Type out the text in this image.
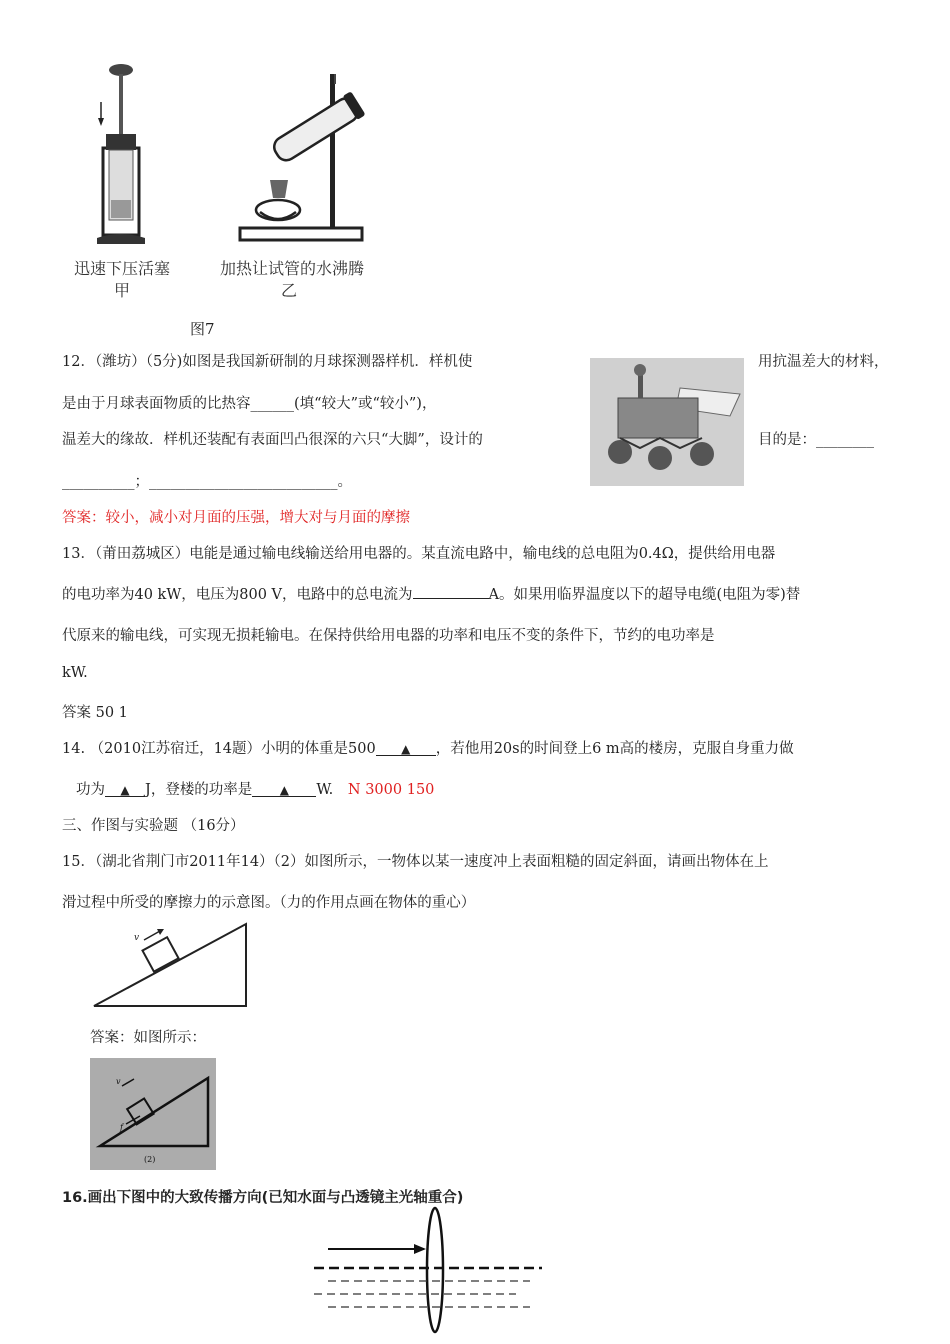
迅速下压活塞
甲
加热让试管的水沸腾
乙
图7
12．（潍坊）（5分)如图是我国新研制的月球探测器样机．样机使	用抗温差大的材料，
是由于月球表面物质的比热容______(填“较大”或“较小”)，
温差大的缘故．样机还装配有表面凹凸很深的六只“大脚”，设计的	目的是：________
__________；__________________________。
答案：较小，减小对月面的压强，增大对与月面的摩擦
13．（莆田荔城区）电能是通过输电线输送给用电器的。某直流电路中，输电线的总电阻为0.4Ω，提供给用电器
的电功率为40 kW，电压为800 V，电路中的总电流为	A。如果用临界温度以下的超导电缆(电阻为零)替
代原来的输电线，可实现无损耗输电。在保持供给用电器的功率和电压不变的条件下，节约的电功率是
kW.
答案 50 1
14. （2010江苏宿迁，14题）小明的体重是500 ▲ ，若他用20s的时间登上6 m高的楼房，克服自身重力做
功为 ▲ J，登楼的功率是 ▲ W. N 3000 150
三、作图与实验题 （16分）
15．（湖北省荆门市2011年14）（2）如图所示，一物体以某一速度冲上表面粗糙的固定斜面，请画出物体在上
滑过程中所受的摩擦力的示意图。（力的作用点画在物体的重心）
v
答案：如图所示：
v
f
(2)
16.画出下图中的大致传播方向(已知水面与凸透镜主光轴重合)
